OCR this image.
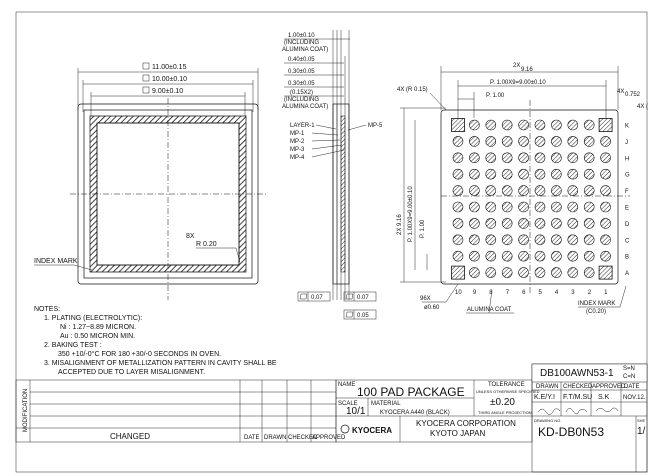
11.00±0.15
10.00±0.10
9.00±0.10
8X
R 0.20
INDEX MARK
1.00±0.10
(INCLUDING
ALUMINA COAT)
0.40±0.05
0.30±0.05
0.30±0.05
(0.15X2)
(INCLUDING
ALUMINA COAT)
LAYER-1
MP-1
MP-2
MP-3
MP-4
MP-5
0.07	0.07
0.05
2X
9.16
P. 1.00X9=9.00±0.10
P. 1.00
4X (R 0.15)	4X 0.752
4X (
2X 9.16 P. 1.00X9=9.00±0.10 P. 1.00
K
J
H
G
F
E
D
C
B
A
10 9 8 7 6 5 4 3 2 1
96X
ø0.60	ALUMINA COAT
INDEX MARK
(C0.20)
NOTES:
1. PLATING (ELECTROLYTIC):
Ni : 1.27~8.89 MICRON.
Au : 0.50 MICRON MIN.
2. BAKING TEST :
350 +10/-0°C FOR 180 +30/-0 SECONDS IN OVEN.
3. MISALIGNMENT OF METALLIZATION PATTERN IN CAVITY SHALL BE
ACCEPTED DUE TO LAYER MISALIGNMENT.
MODIFICATION
CHANGED	DATE DRAWN CHECKED
APPROVED
NAME 100 PAD PACKAGE
SCALE
10/1
MATERIAL
KYOCERA A440 (BLACK)
TOLERANCE
UNLESS OTHERWISE SPECIFIED
±0.20
THIRD ANGLE PROJECTION
KYOCERA
KYOCERA CORPORATION
KYOTO JAPAN
DB100AWN53-1 S=N
C=N
DRAWN CHECKED APPROVED
DATE
K.E/Y.I F.T/M.SU S.K NOV.12.
DRAWING NO.
KD-DB0N53
SHE
1/
